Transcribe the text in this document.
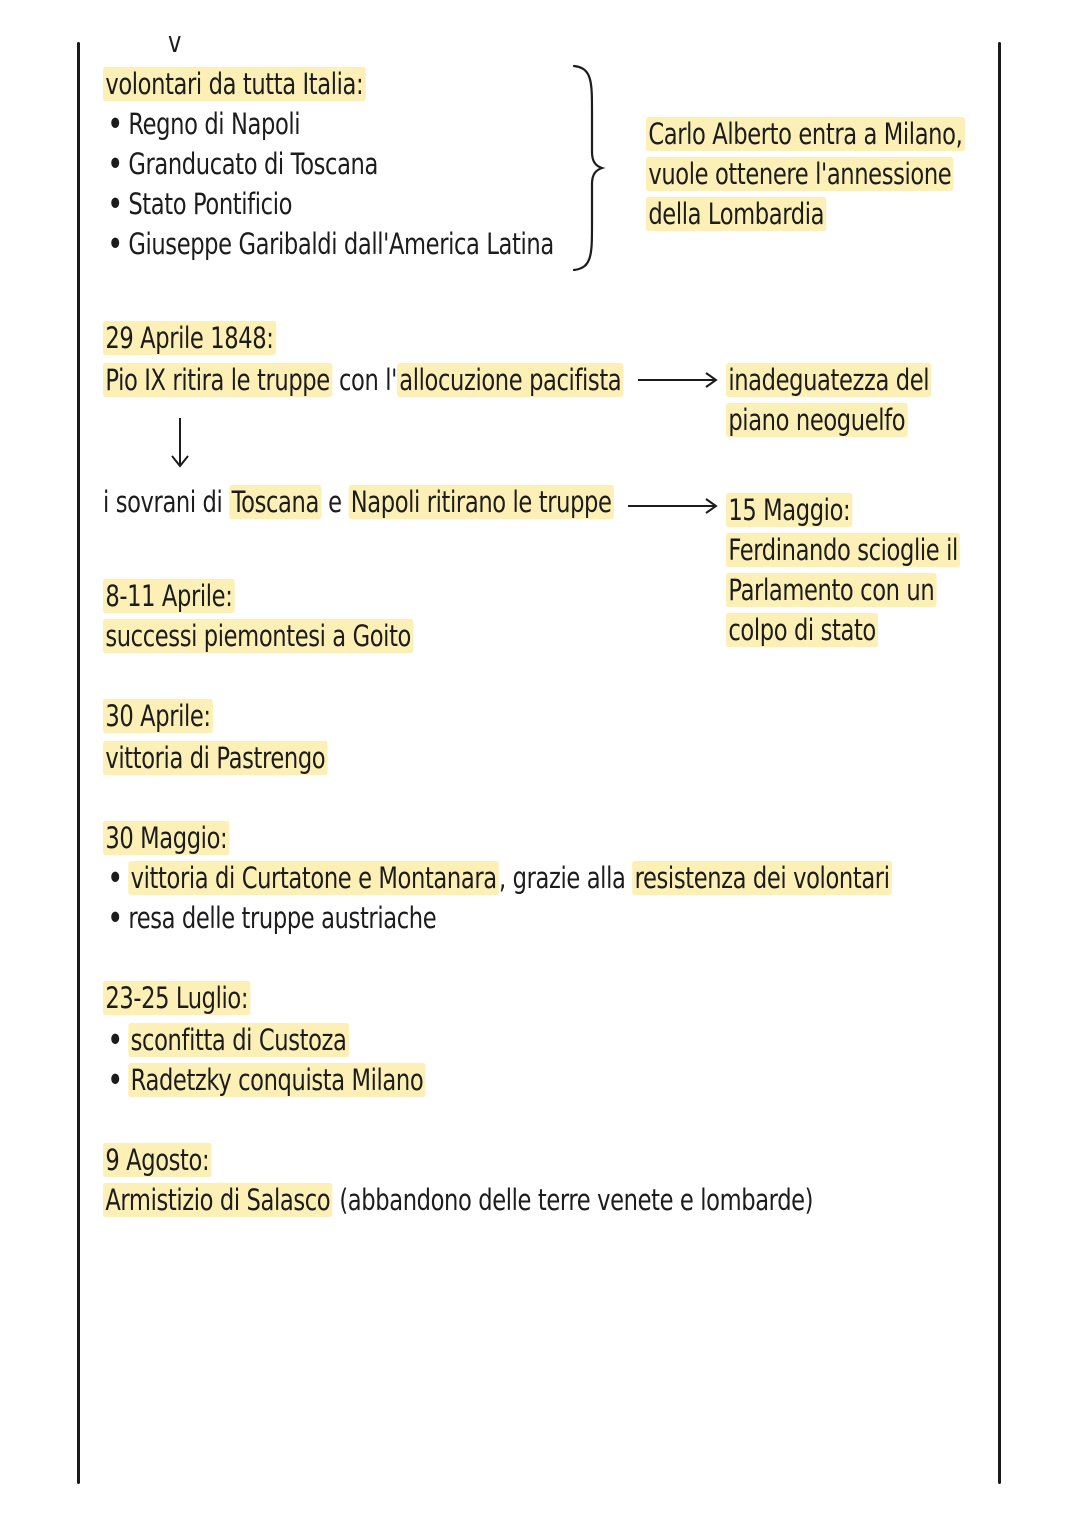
v
volontari da tutta Italia:
• Regno di Napoli
• Granducato di Toscana
• Stato Pontificio
• Giuseppe Garibaldi dall'America Latina
Carlo Alberto entra a Milano,
vuole ottenere l'annessione
della Lombardia
29 Aprile 1848:
Pio IX ritira le truppe con l'allocuzione pacifista	inadeguatezza del
piano neoguelfo
i sovrani di Toscana e Napoli ritirano le truppe	15 Maggio:
Ferdinando scioglie il
Parlamento con un
colpo di stato
8-11 Aprile:
successi piemontesi a Goito
30 Aprile:
vittoria di Pastrengo
30 Maggio:
• vittoria di Curtatone e Montanara, grazie alla resistenza dei volontari
• resa delle truppe austriache
23-25 Luglio:
• sconfitta di Custoza
• Radetzky conquista Milano
9 Agosto:
Armistizio di Salasco (abbandono delle terre venete e lombarde)
